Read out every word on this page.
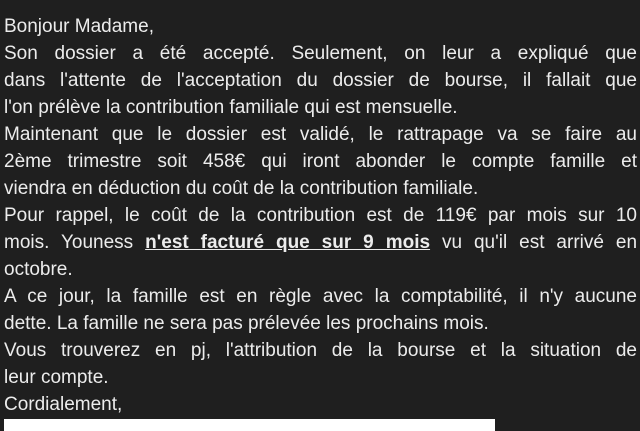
Bonjour Madame,
Son dossier a été accepté. Seulement, on leur a expliqué que
dans l'attente de l'acceptation du dossier de bourse, il fallait que
l'on prélève la contribution familiale qui est mensuelle.
Maintenant que le dossier est validé, le rattrapage va se faire au
2ème trimestre soit 458€ qui iront abonder le compte famille et
viendra en déduction du coût de la contribution familiale.
Pour rappel, le coût de la contribution est de 119€ par mois sur 10
mois. Youness n'est facturé que sur 9 mois vu qu'il est arrivé en
octobre.
A ce jour, la famille est en règle avec la comptabilité, il n'y aucune
dette. La famille ne sera pas prélevée les prochains mois.
Vous trouverez en pj, l'attribution de la bourse et la situation de
leur compte.
Cordialement,
